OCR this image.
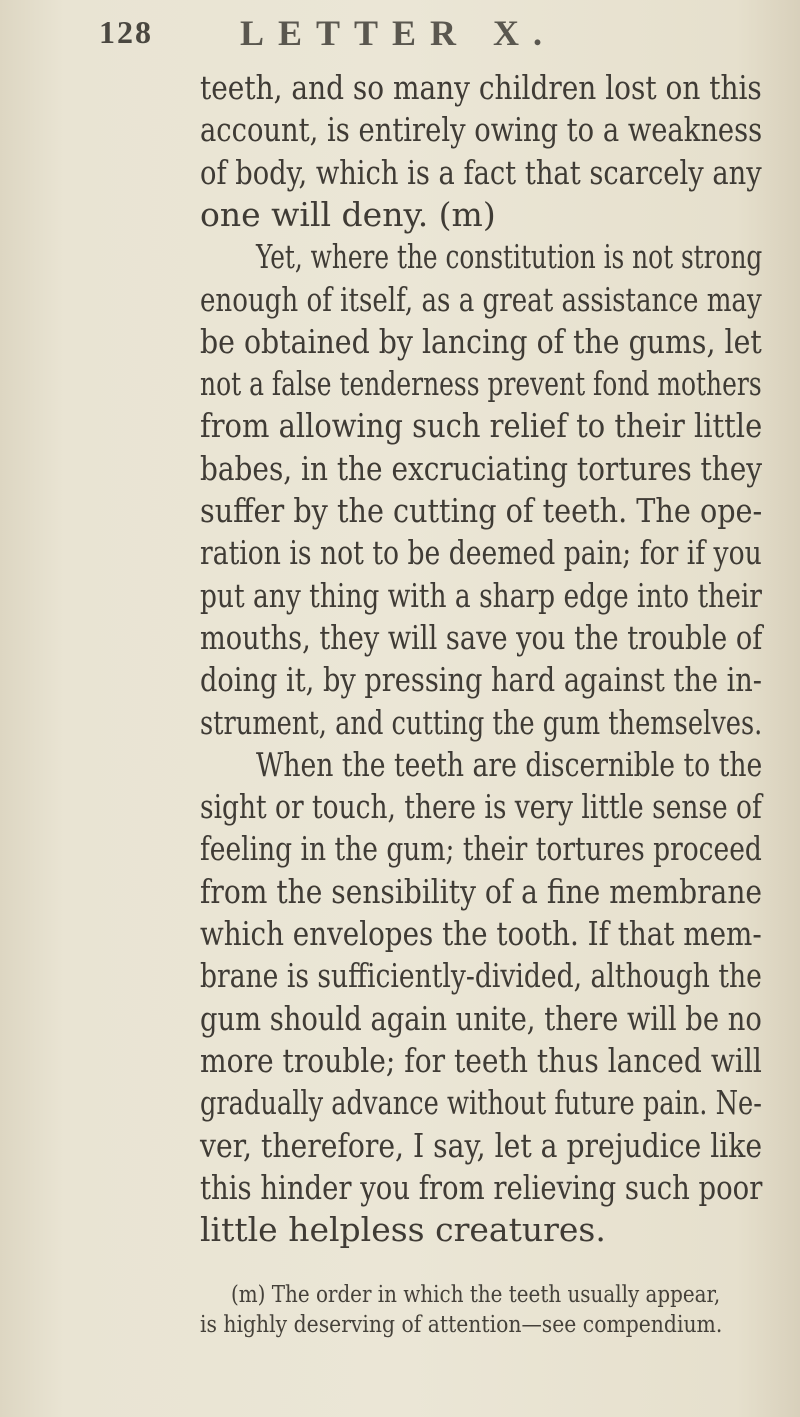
128 LETTER X.
teeth, and so many children lost on this
account, is entirely owing to a weakness
of body, which is a fact that scarcely any
one will deny. (m)
Yet, where the constitution is not strong
enough of itself, as a great assistance may
be obtained by lancing of the gums, let
not a false tenderness prevent fond mothers
from allowing such relief to their little
babes, in the excruciating tortures they
suffer by the cutting of teeth. The ope-
ration is not to be deemed pain; for if you
put any thing with a sharp edge into their
mouths, they will save you the trouble of
doing it, by pressing hard against the in-
strument, and cutting the gum themselves.
When the teeth are discernible to the
sight or touch, there is very little sense of
feeling in the gum; their tortures proceed
from the sensibility of a fine membrane
which envelopes the tooth. If that mem-
brane is sufficiently-divided, although the
gum should again unite, there will be no
more trouble; for teeth thus lanced will
gradually advance without future pain. Ne-
ver, therefore, I say, let a prejudice like
this hinder you from relieving such poor
little helpless creatures.
(m) The order in which the teeth usually appear,
is highly deserving of attention—see compendium.
